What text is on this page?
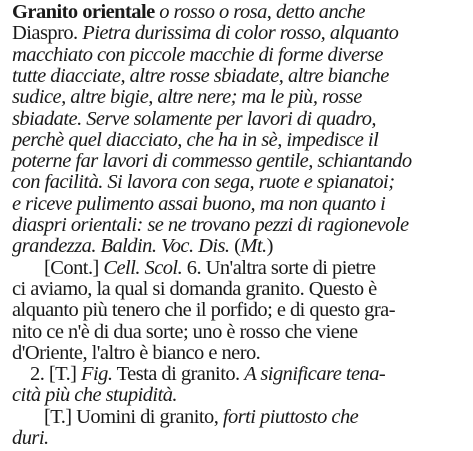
Granito orientale o rosso o rosa, detto anche
Diaspro. Pietra durissima di color rosso, alquanto
macchiato con piccole macchie di forme diverse
tutte diacciate, altre rosse sbiadate, altre bianche
sudice, altre bigie, altre nere; ma le più, rosse
sbiadate. Serve solamente per lavori di quadro,
perchè quel diacciato, che ha in sè, impedisce il
poterne far lavori di commesso gentile, schiantando
con facilità. Si lavora con sega, ruote e spianatoi;
e riceve pulimento assai buono, ma non quanto i
diaspri orientali: se ne trovano pezzi di ragionevole
grandezza. Baldin. Voc. Dis. (Mt.)
[Cont.] Cell. Scol. 6. Un'altra sorte di pietre
ci aviamo, la qual si domanda granito. Questo è
alquanto più tenero che il porfido; e di questo gra-
nito ce n'è di dua sorte; uno è rosso che viene
d'Oriente, l'altro è bianco e nero.
2. [T.] Fig. Testa di granito. A significare tena-
cità più che stupidità.
[T.] Uomini di granito, forti piuttosto che
duri.
